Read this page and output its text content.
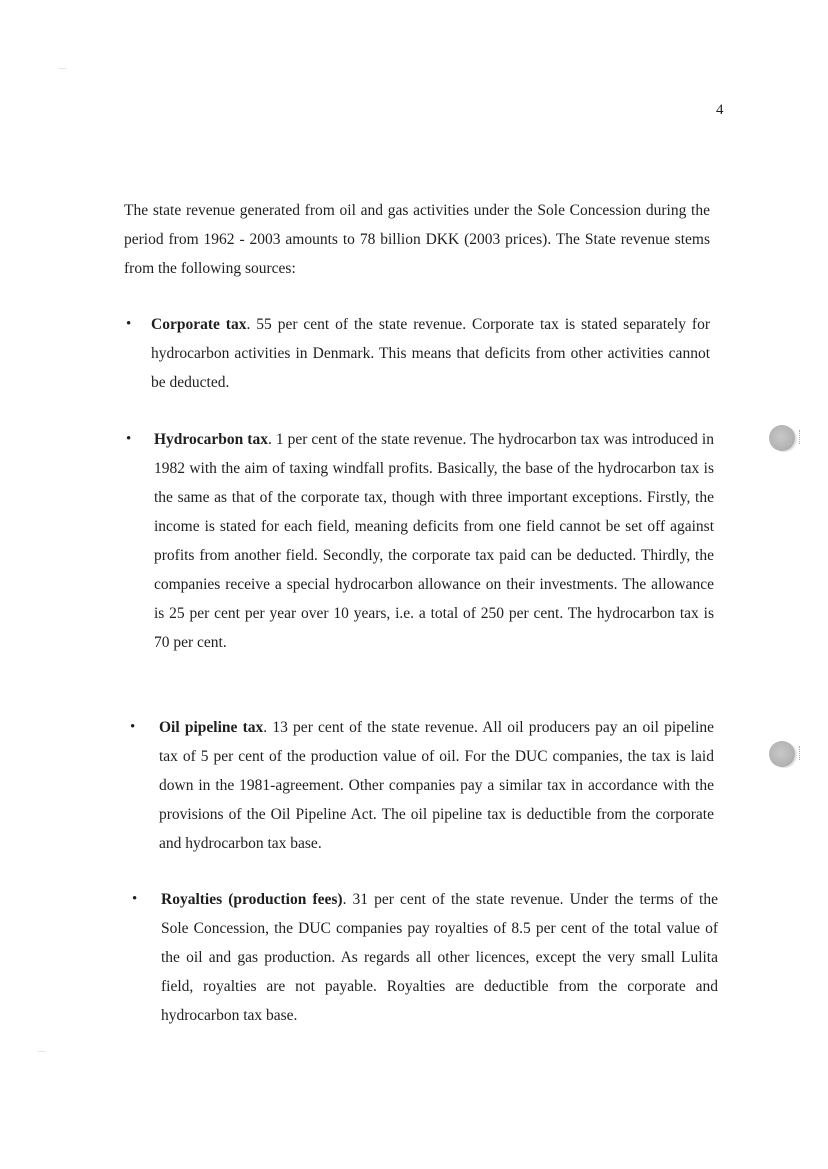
4

The state revenue generated from oil and gas activities under the Sole Concession during the period from 1962 - 2003 amounts to 78 billion DKK (2003 prices). The State revenue stems from the following sources:

• Corporate tax. 55 per cent of the state revenue. Corporate tax is stated separately for hydrocarbon activities in Denmark. This means that deficits from other activities cannot be deducted.
• Hydrocarbon tax. 1 per cent of the state revenue. The hydrocarbon tax was introduced in 1982 with the aim of taxing windfall profits. Basically, the base of the hydrocarbon tax is the same as that of the corporate tax, though with three important exceptions. Firstly, the income is stated for each field, meaning deficits from one field cannot be set off against profits from another field. Secondly, the corporate tax paid can be deducted. Thirdly, the companies receive a special hydrocarbon allowance on their investments. The allowance is 25 per cent per year over 10 years, i.e. a total of 250 per cent. The hydrocarbon tax is 70 per cent.
• Oil pipeline tax. 13 per cent of the state revenue. All oil producers pay an oil pipeline tax of 5 per cent of the production value of oil. For the DUC companies, the tax is laid down in the 1981-agreement. Other companies pay a similar tax in accordance with the provisions of the Oil Pipeline Act. The oil pipeline tax is deductible from the corporate and hydrocarbon tax base.
• Royalties (production fees). 31 per cent of the state revenue. Under the terms of the Sole Concession, the DUC companies pay royalties of 8.5 per cent of the total value of the oil and gas production. As regards all other licences, except the very small Lulita field, royalties are not payable. Royalties are deductible from the corporate and hydrocarbon tax base.
